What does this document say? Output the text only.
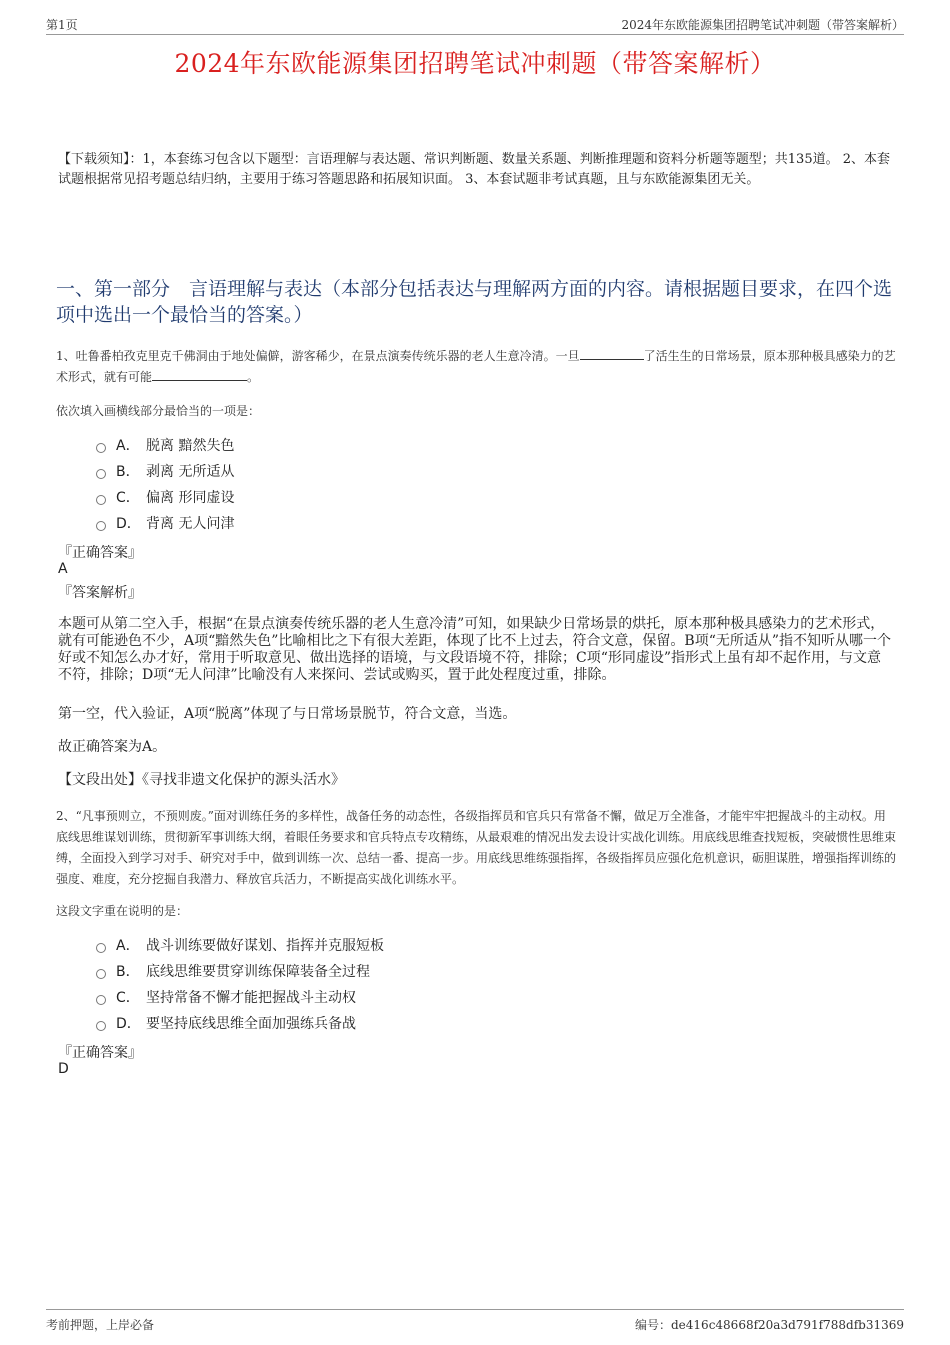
第1页	2024年东欧能源集团招聘笔试冲刺题（带答案解析）
2024年东欧能源集团招聘笔试冲刺题（带答案解析）
【下载须知】：1，本套练习包含以下题型：言语理解与表达题、常识判断题、数量关系题、判断推理题和资料分析题等题型；共135道。 2、本套试题根据常见招考题总结归纳，主要用于练习答题思路和拓展知识面。 3、本套试题非考试真题，且与东欧能源集团无关。
一、第一部分　言语理解与表达（本部分包括表达与理解两方面的内容。请根据题目要求，在四个选项中选出一个最恰当的答案。）
1、吐鲁番柏孜克里克千佛洞由于地处偏僻，游客稀少，在景点演奏传统乐器的老人生意冷清。一旦	了活生生的日常场景，原本那种极具感染力的艺术形式，就有可能	。
依次填入画横线部分最恰当的一项是：
A． 脱离 黯然失色
B． 剥离 无所适从
C． 偏离 形同虚设
D． 背离 无人问津
『正确答案』
A
『答案解析』
本题可从第二空入手，根据“在景点演奏传统乐器的老人生意冷清”可知，如果缺少日常场景的烘托，原本那种极具感染力的艺术形式，就有可能逊色不少，A项“黯然失色”比喻相比之下有很大差距，体现了比不上过去，符合文意，保留。B项“无所适从”指不知听从哪一个好或不知怎么办才好，常用于听取意见、做出选择的语境，与文段语境不符，排除；C项“形同虚设”指形式上虽有却不起作用，与文意不符，排除；D项“无人问津”比喻没有人来探问、尝试或购买，置于此处程度过重，排除。
第一空，代入验证，A项“脱离”体现了与日常场景脱节，符合文意，当选。
故正确答案为A。
【文段出处】《寻找非遗文化保护的源头活水》
2、“凡事预则立，不预则废。”面对训练任务的多样性，战备任务的动态性，各级指挥员和官兵只有常备不懈，做足万全准备，才能牢牢把握战斗的主动权。用底线思维谋划训练，贯彻新军事训练大纲，着眼任务要求和官兵特点专攻精练，从最艰难的情况出发去设计实战化训练。用底线思维查找短板，突破惯性思维束缚，全面投入到学习对手、研究对手中，做到训练一次、总结一番、提高一步。用底线思维练强指挥，各级指挥员应强化危机意识，砺胆谋胜，增强指挥训练的强度、难度，充分挖掘自我潜力、释放官兵活力，不断提高实战化训练水平。
这段文字重在说明的是：
A． 战斗训练要做好谋划、指挥并克服短板
B． 底线思维要贯穿训练保障装备全过程
C． 坚持常备不懈才能把握战斗主动权
D． 要坚持底线思维全面加强练兵备战
『正确答案』
D
考前押题，上岸必备	编号：de416c48668f20a3d791f788dfb31369
